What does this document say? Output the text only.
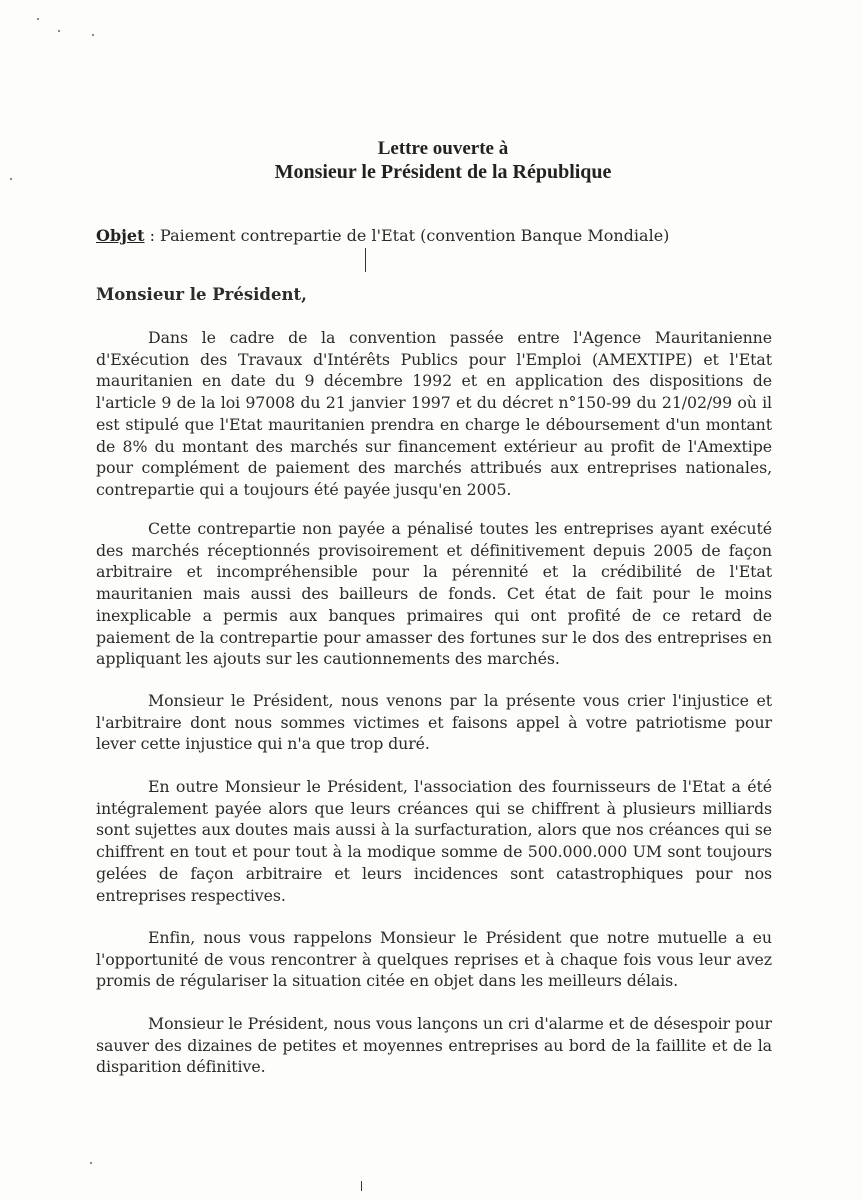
Lettre ouverte à
Monsieur le Président de la République
Objet : Paiement contrepartie de l'Etat (convention Banque Mondiale)
Monsieur le Président,
Dans le cadre de la convention passée entre l'Agence Mauritanienne d'Exécution des Travaux d'Intérêts Publics pour l'Emploi (AMEXTIPE) et l'Etat mauritanien en date du 9 décembre 1992 et en application des dispositions de l'article 9 de la loi 97008 du 21 janvier 1997 et du décret n°150-99 du 21/02/99 où il est stipulé que l'Etat mauritanien prendra en charge le déboursement d'un montant de 8% du montant des marchés sur financement extérieur au profit de l'Amextipe pour complément de paiement des marchés attribués aux entreprises nationales, contrepartie qui a toujours été payée jusqu'en 2005.
Cette contrepartie non payée a pénalisé toutes les entreprises ayant exécuté des marchés réceptionnés provisoirement et définitivement depuis 2005 de façon arbitraire et incompréhensible pour la pérennité et la crédibilité de l'Etat mauritanien mais aussi des bailleurs de fonds. Cet état de fait pour le moins inexplicable a permis aux banques primaires qui ont profité de ce retard de paiement de la contrepartie pour amasser des fortunes sur le dos des entreprises en appliquant les ajouts sur les cautionnements des marchés.
Monsieur le Président, nous venons par la présente vous crier l'injustice et l'arbitraire dont nous sommes victimes et faisons appel à votre patriotisme pour lever cette injustice qui n'a que trop duré.
En outre Monsieur le Président, l'association des fournisseurs de l'Etat a été intégralement payée alors que leurs créances qui se chiffrent à plusieurs milliards sont sujettes aux doutes mais aussi à la surfacturation, alors que nos créances qui se chiffrent en tout et pour tout à la modique somme de 500.000.000 UM sont toujours gelées de façon arbitraire et leurs incidences sont catastrophiques pour nos entreprises respectives.
Enfin, nous vous rappelons Monsieur le Président que notre mutuelle a eu l'opportunité de vous rencontrer à quelques reprises et à chaque fois vous leur avez promis de régulariser la situation citée en objet dans les meilleurs délais.
Monsieur le Président, nous vous lançons un cri d'alarme et de désespoir pour sauver des dizaines de petites et moyennes entreprises au bord de la faillite et de la disparition définitive.
